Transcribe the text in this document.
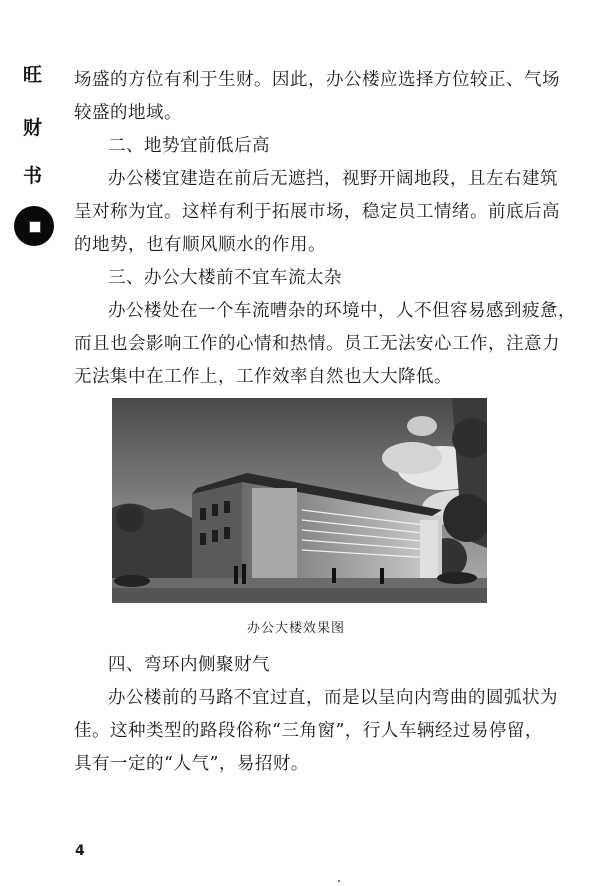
旺
财
书
场盛的方位有利于生财。因此，办公楼应选择方位较正、气场
较盛的地域。
二、地势宜前低后高
办公楼宜建造在前后无遮挡，视野开阔地段，且左右建筑
呈对称为宜。这样有利于拓展市场，稳定员工情绪。前底后高
的地势，也有顺风顺水的作用。
三、办公大楼前不宜车流太杂
办公楼处在一个车流嘈杂的环境中，人不但容易感到疲惫，
而且也会影响工作的心情和热情。员工无法安心工作，注意力
无法集中在工作上，工作效率自然也大大降低。
四、弯环内侧聚财气
办公楼前的马路不宜过直，而是以呈向内弯曲的圆弧状为
佳。这种类型的路段俗称“三角窗”，行人车辆经过易停留，
具有一定的“人气”，易招财。
办公大楼效果图
4
